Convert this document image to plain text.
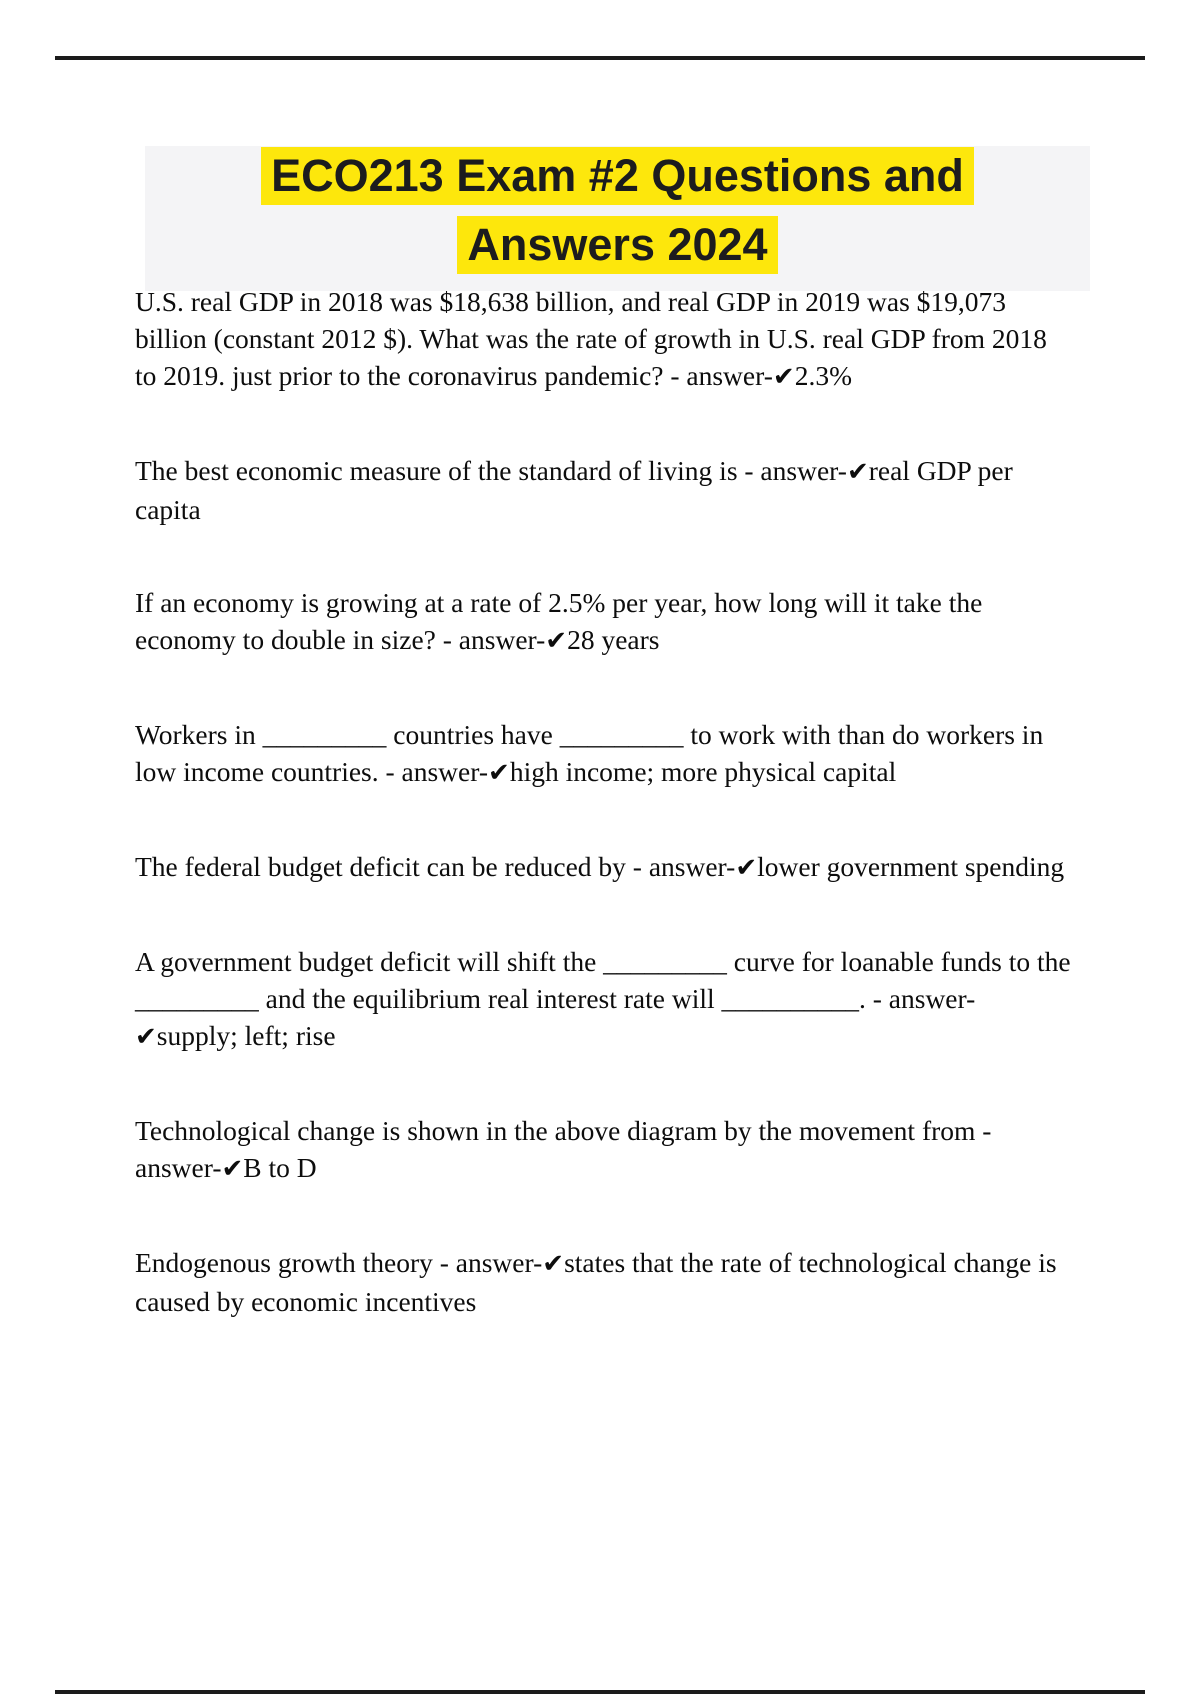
ECO213 Exam #2 Questions and
Answers 2024

U.S. real GDP in 2018 was $18,638 billion, and real GDP in 2019 was $19,073 billion (constant 2012 $). What was the rate of growth in U.S. real GDP from 2018 to 2019. just prior to the coronavirus pandemic? - answer-✔2.3%

The best economic measure of the standard of living is - answer-✔real GDP per capita

If an economy is growing at a rate of 2.5% per year, how long will it take the economy to double in size? - answer-✔28 years

Workers in _________ countries have _________ to work with than do workers in low income countries. - answer-✔high income; more physical capital

The federal budget deficit can be reduced by - answer-✔lower government spending

A government budget deficit will shift the _________ curve for loanable funds to the _________ and the equilibrium real interest rate will __________. - answer-✔supply; left; rise

Technological change is shown in the above diagram by the movement from - answer-✔B to D

Endogenous growth theory - answer-✔states that the rate of technological change is caused by economic incentives
